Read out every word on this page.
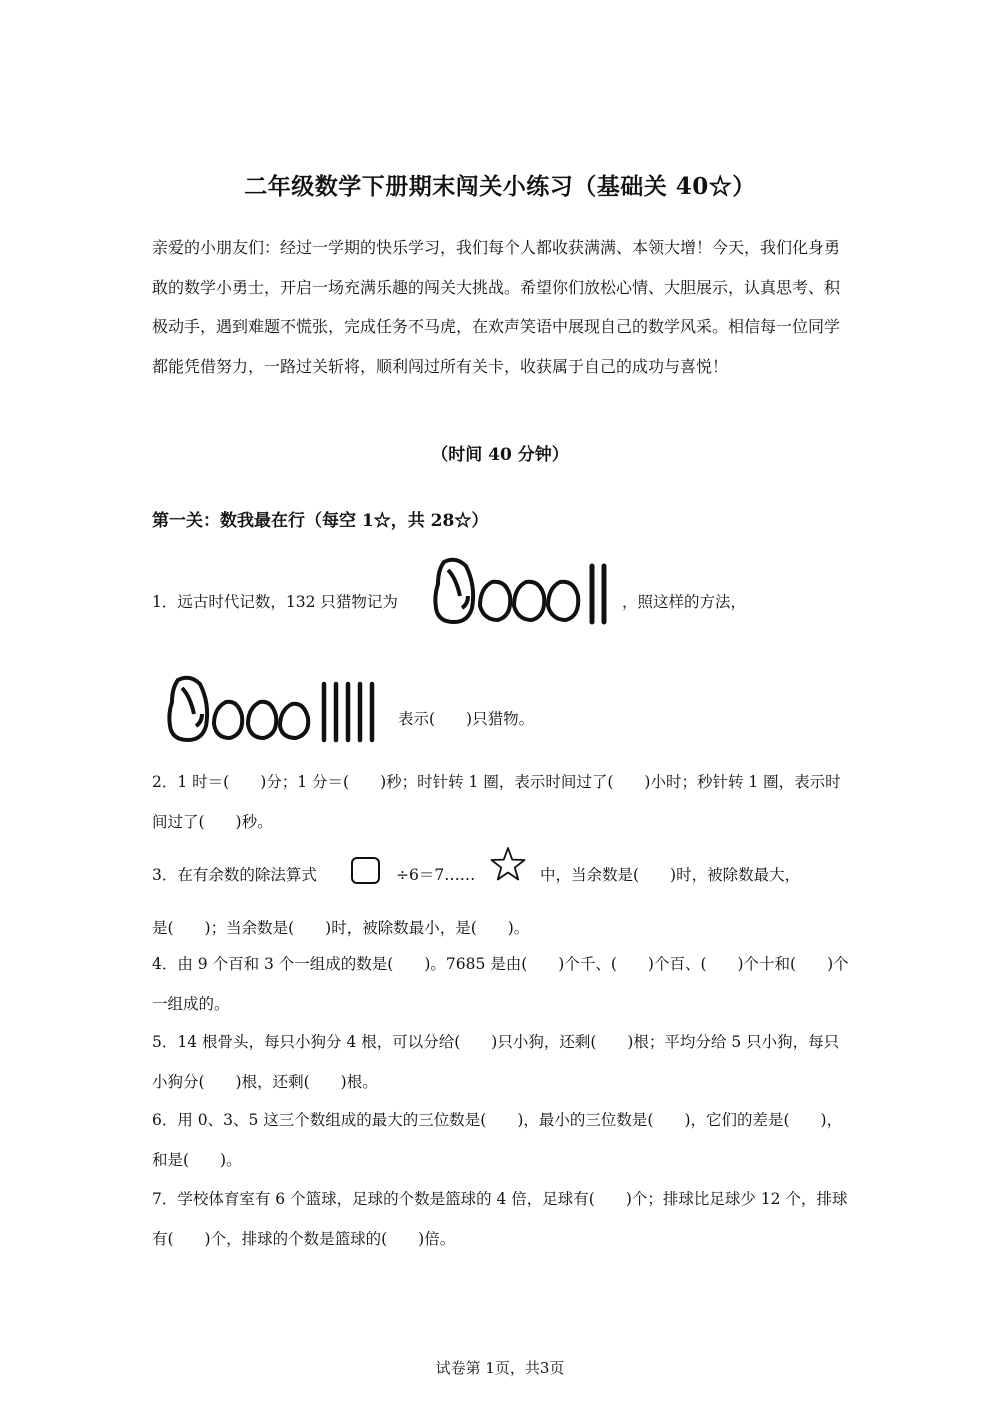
二年级数学下册期末闯关小练习（基础关 40☆）

亲爱的小朋友们：经过一学期的快乐学习，我们每个人都收获满满、本领大增！今天，我们化身勇敢的数学小勇士，开启一场充满乐趣的闯关大挑战。希望你们放松心情、大胆展示，认真思考、积极动手，遇到难题不慌张，完成任务不马虎，在欢声笑语中展现自己的数学风采。相信每一位同学都能凭借努力，一路过关斩将，顺利闯过所有关卡，收获属于自己的成功与喜悦！

（时间 40 分钟）
第一关：数我最在行（每空 1☆，共 28☆）
1．远古时代记数，132 只猎物记为	，照这样的方法，
表示(　　)只猎物。

2．1 时＝(　　)分；1 分＝(　　)秒；时针转 1 圈，表示时间过了(　　)小时；秒针转 1 圈，表示时间过了(　　)秒。

3．在有余数的除法算式	÷6＝7……	中，当余数是(　　)时，被除数最大，
是(　　)；当余数是(　　)时，被除数最小，是(　　)。

4．由 9 个百和 3 个一组成的数是(　　)。7685 是由(　　)个千、(　　)个百、(　　)个十和(　　)个一组成的。

5．14 根骨头，每只小狗分 4 根，可以分给(　　)只小狗，还剩(　　)根；平均分给 5 只小狗，每只小狗分(　　)根，还剩(　　)根。

6．用 0、3、5 这三个数组成的最大的三位数是(　　)，最小的三位数是(　　)，它们的差是(　　)，和是(　　)。

7．学校体育室有 6 个篮球，足球的个数是篮球的 4 倍，足球有(　　)个；排球比足球少 12 个，排球有(　　)个，排球的个数是篮球的(　　)倍。

试卷第 1页，共3页
